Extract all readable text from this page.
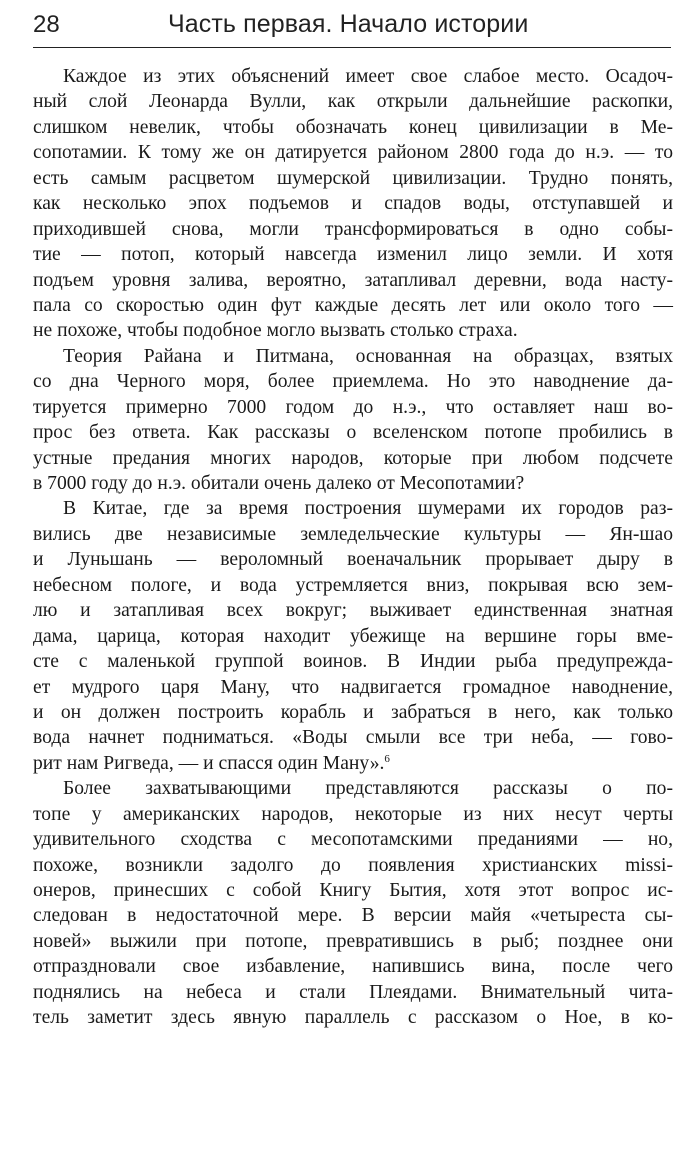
28	Часть первая. Начало истории
Каждое из этих объяснений имеет свое слабое место. Осадоч-
ный слой Леонарда Вулли, как открыли дальнейшие раскопки,
слишком невелик, чтобы обозначать конец цивилизации в Ме-
сопотамии. К тому же он датируется районом 2800 года до н.э. — то
есть самым расцветом шумерской цивилизации. Трудно понять,
как несколько эпох подъемов и спадов воды, отступавшей и
приходившей снова, могли трансформироваться в одно собы-
тие — потоп, который навсегда изменил лицо земли. И хотя
подъем уровня залива, вероятно, затапливал деревни, вода насту-
пала со скоростью один фут каждые десять лет или около того —
не похоже, чтобы подобное могло вызвать столько страха.
Теория Райана и Питмана, основанная на образцах, взятых
со дна Черного моря, более приемлема. Но это наводнение да-
тируется примерно 7000 годом до н.э., что оставляет наш во-
прос без ответа. Как рассказы о вселенском потопе пробились в
устные предания многих народов, которые при любом подсчете
в 7000 году до н.э. обитали очень далеко от Месопотамии?
В Китае, где за время построения шумерами их городов раз-
вились две независимые земледельческие культуры — Ян-шао
и Луньшань — вероломный военачальник прорывает дыру в
небесном пологе, и вода устремляется вниз, покрывая всю зем-
лю и затапливая всех вокруг; выживает единственная знатная
дама, царица, которая находит убежище на вершине горы вме-
сте с маленькой группой воинов. В Индии рыба предупрежда-
ет мудрого царя Ману, что надвигается громадное наводнение,
и он должен построить корабль и забраться в него, как только
вода начнет подниматься. «Воды смыли все три неба, — гово-
рит нам Ригведа, — и спасся один Ману».$^6$
Более захватывающими представляются рассказы о по-
топе у американских народов, некоторые из них несут черты
удивительного сходства с месопотамскими преданиями — но,
похоже, возникли задолго до появления христианских missi-
онеров, принесших с собой Книгу Бытия, хотя этот вопрос ис-
следован в недостаточной мере. В версии майя «четыреста сы-
новей» выжили при потопе, превратившись в рыб; позднее они
отпраздновали свое избавление, напившись вина, после чего
поднялись на небеса и стали Плеядами. Внимательный чита-
тель заметит здесь явную параллель с рассказом о Ное, в ко-
